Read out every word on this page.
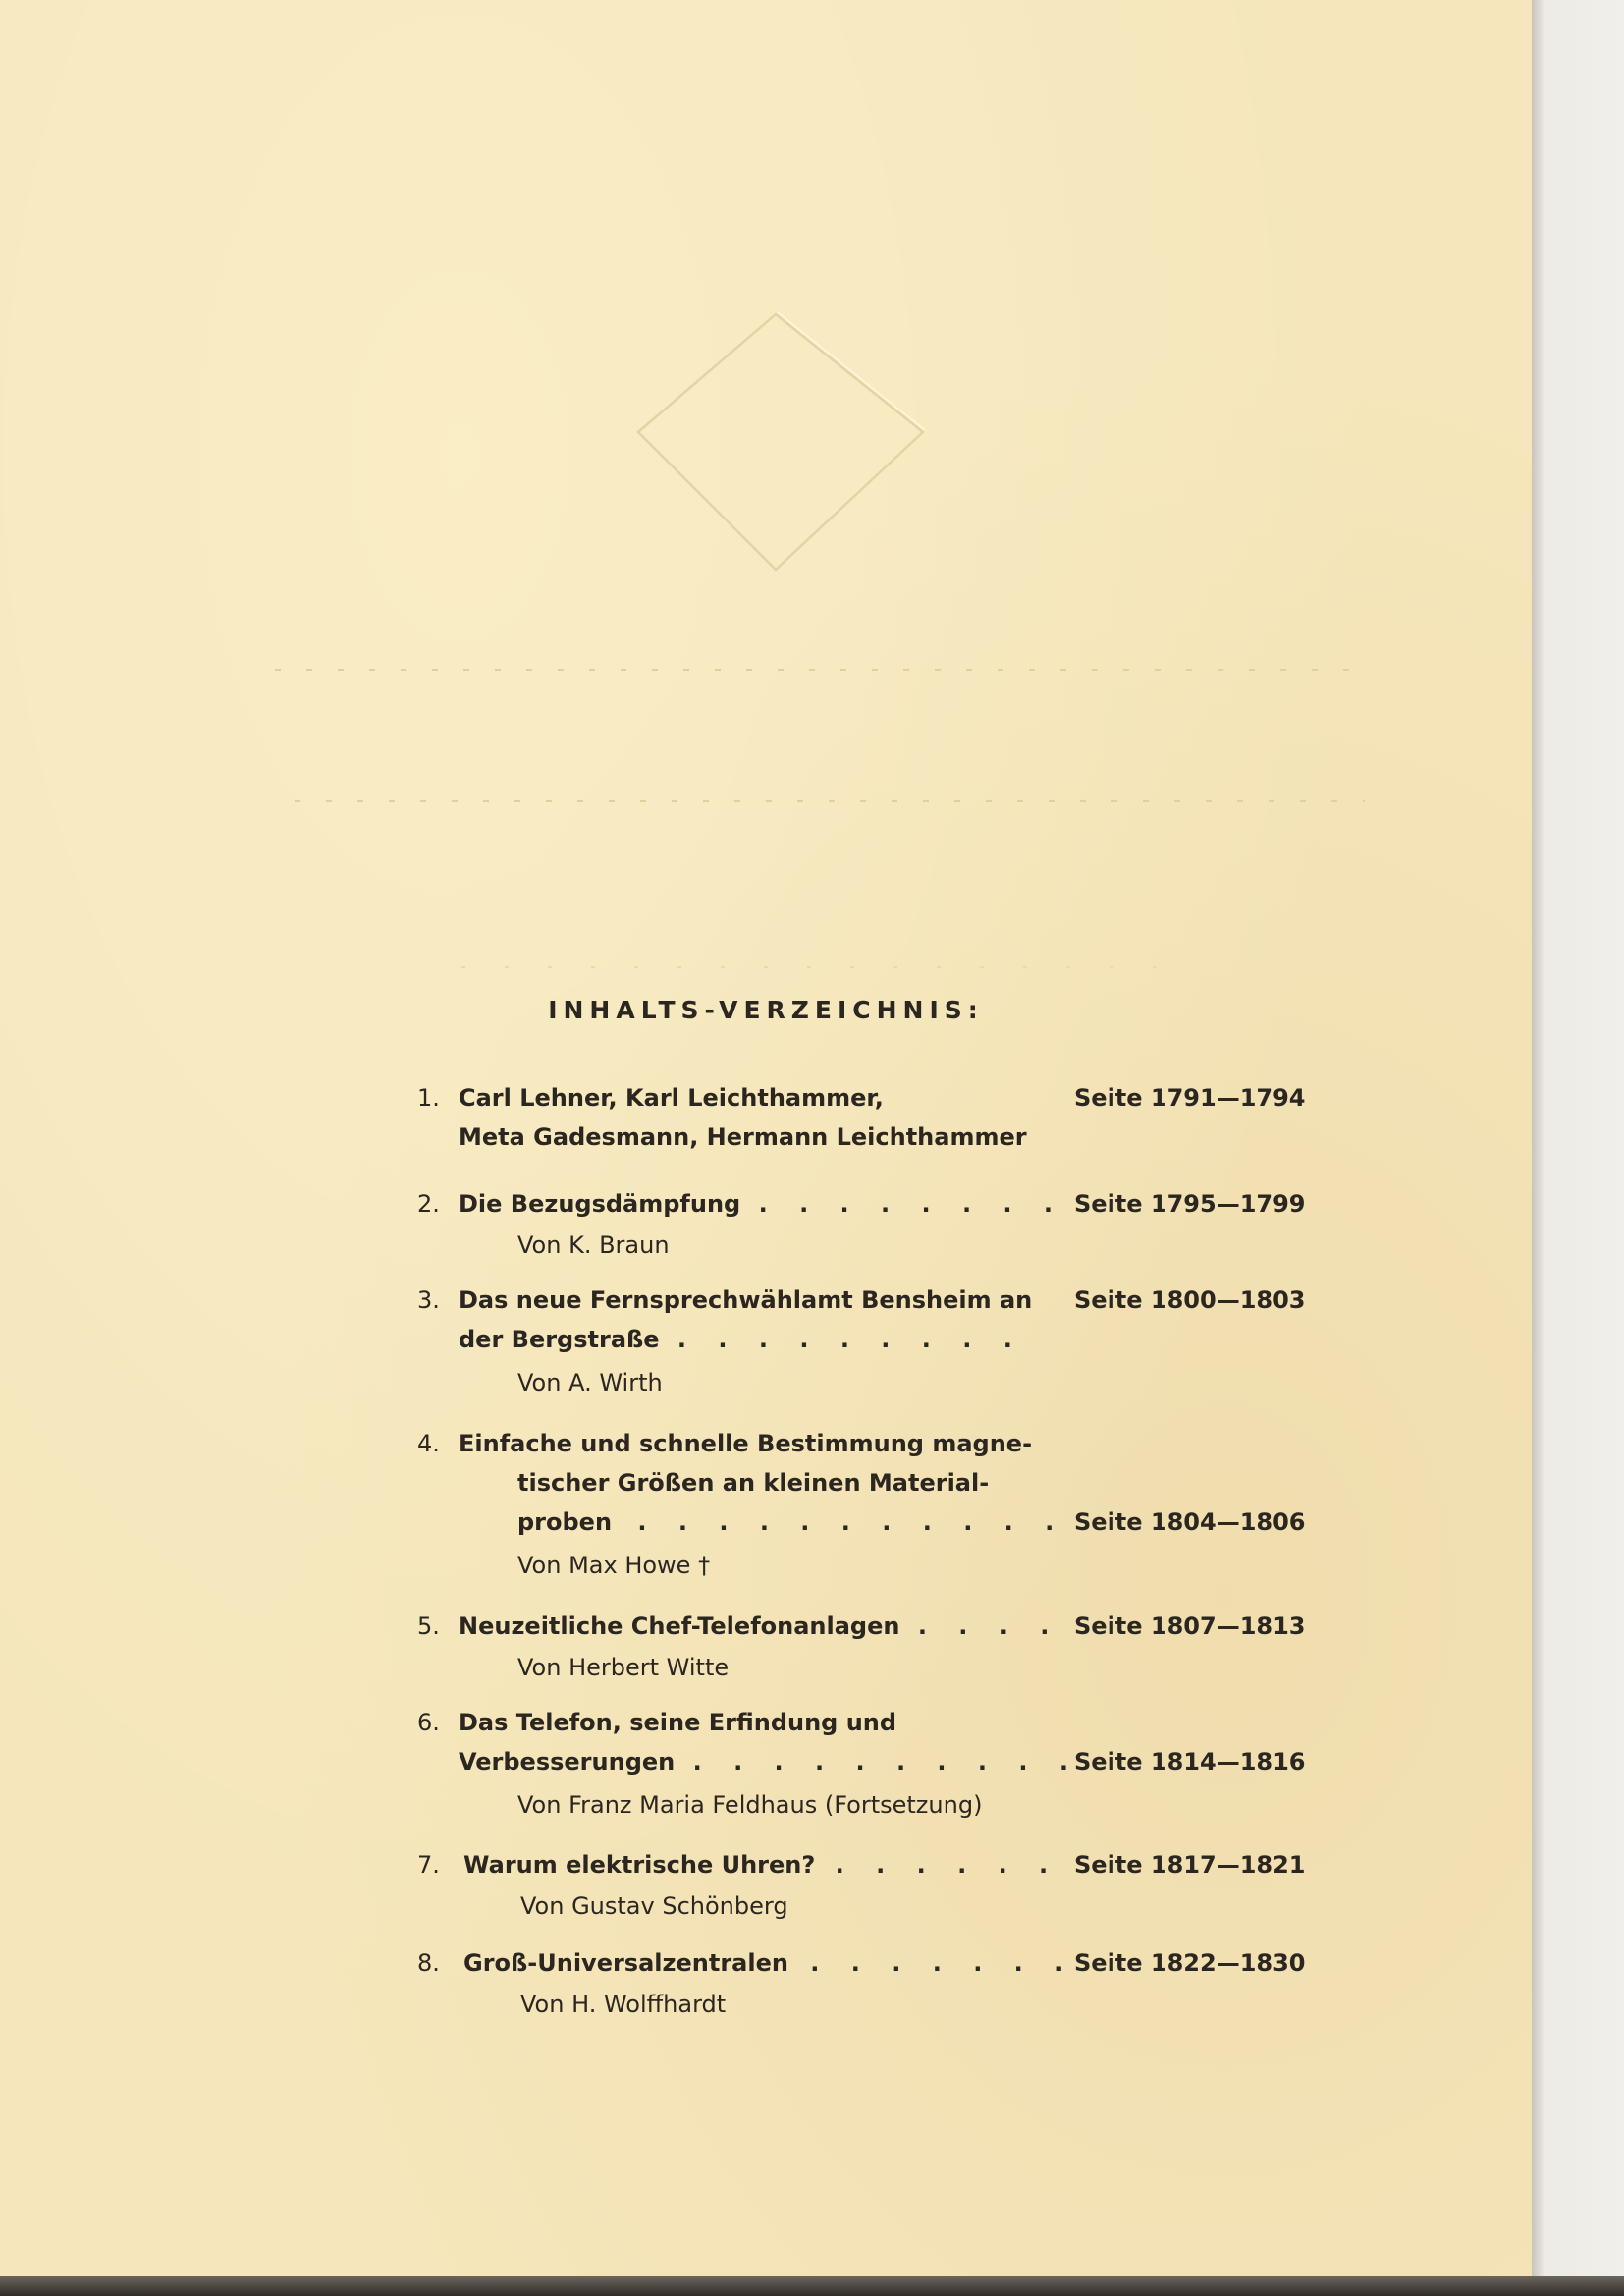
INHALTS-VERZEICHNIS:
1. Carl Lehner, Karl Leichthammer,
Meta Gadesmann, Hermann Leichthammer
Seite 1791—1794
2. Die Bezugsdämpfung . . . . . . . .
Von K. Braun
Seite 1795—1799
3. Das neue Fernsprechwählamt Bensheim an
der Bergstraße . . . . . . . . .
Von A. Wirth
Seite 1800—1803
4. Einfache und schnelle Bestimmung magne-
tischer Größen an kleinen Material-
proben . . . . . . . . . . .
Von Max Howe †
Seite 1804—1806
5. Neuzeitliche Chef-Telefonanlagen . . . .
Von Herbert Witte
Seite 1807—1813
6. Das Telefon, seine Erfindung und
Verbesserungen . . . . . . . . . .
Von Franz Maria Feldhaus (Fortsetzung)
Seite 1814—1816
7.	Warum elektrische Uhren? . . . . . .
Von Gustav Schönberg
Seite 1817—1821
8.	Groß-Universalzentralen . . . . . . .
Von H. Wolffhardt
Seite 1822—1830
